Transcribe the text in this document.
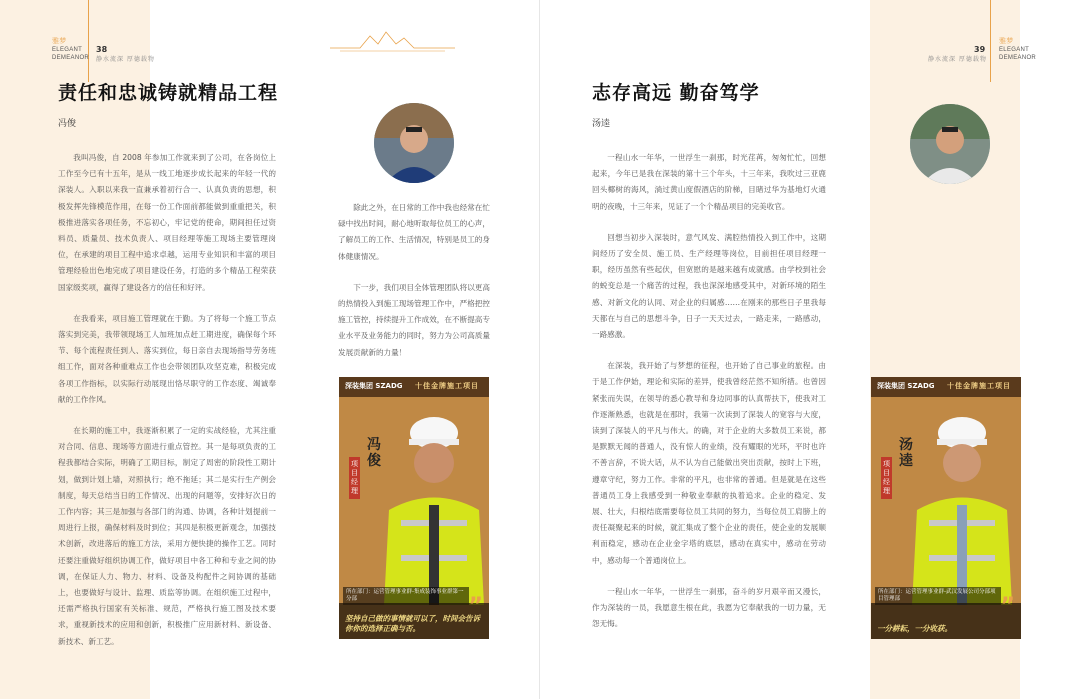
雅梦
ELEGANT
DEMEANOR
38
静水流深 厚德载物
责任和忠诚铸就精品工程
冯俊

我叫冯俊，自 2008 年参加工作就来到了公司，在各岗位上工作至今已有十五年，是从一线工地逐步成长起来的年轻一代的深装人。入职以来我一直兼承着初行合一、认真负责的思想，积极发挥先锋模范作用，在每一份工作面前都能做到重重把关，积极推进落实各项任务，不忘初心，牢记党的使命，期间担任过资料员、质量员、技术负责人、项目经理等施工现场主要管理岗位，在承建的项目工程中追求卓越，运用专业知识和丰富的项目管理经验出色地完成了项目建设任务，打造的多个精品工程荣获国家级奖项，赢得了建设各方的信任和好评。

在我看来，项目施工管理就在于勤。为了将每一个施工节点落实到完美，我带领现场工人加班加点赶工期进度，确保每个环节、每个流程责任到人、落实到位，每日亲自去现场指导劳务班组工作，面对各种重难点工作也会带领团队攻坚克难，积极完成各项工作指标，以实际行动展现出恪尽职守的工作态度、竭诚奉献的工作作风。

在长期的施工中，我逐渐积累了一定的实战经验，尤其注重对合同、信息、现场等方面进行重点管控。其一是每项负责的工程我都结合实际，明确了工期目标，制定了周密的阶段性工期计划，做到计划上墙，对照执行；绝不拖延；其二是实行生产例会制度，每天总结当日的工作情况、出现的问题等，安排好次日的工作内容；其三是加强与各部门的沟通、协调，各种计划提前一周进行上报，确保材料及时到位；其四是积极更新观念，加强技术创新，改进落后的施工方法，采用方便快捷的操作工艺。同时还要注重做好组织协调工作，做好项目中各工种和专业之间的协调，在保证人力、物力、材料、设备及构配件之间协调的基础上，也要做好与设计、监理、质监等协调。在组织施工过程中，还需严格执行国家有关标准、规范，严格执行施工图及技术要求，重视新技术的应用和创新，积极推广应用新材料、新设备、新技术、新工艺。

除此之外，在日常的工作中我也经常在忙碌中找出时间，耐心地听取每位员工的心声，了解员工的工作、生活情况，特别是员工的身体健康情况。

下一步，我们项目全体管理团队将以更高的热情投入到施工现场管理工作中，严格把控施工管控，持续提升工作成效，在不断提高专业水平及业务能力的同时，努力为公司高质量发展贡献新的力量！

深装集团 SZADG 十佳金牌施工项目
项目经理
冯俊
所在部门：运营管理事业群-集成装饰事业群第一分部	”
坚持自己做的事情就可以了，时间会告诉你你的选择正确与否。
雅梦
ELEGANT
DEMEANOR
39
静水流深 厚德载物
志存高远 勤奋笃学
汤逵

一程山水一年华，一世浮生一刹那，时光荏苒，匆匆忙忙，回想起来，今年已是我在深装的第十三个年头，十三年来，我吹过三亚鹿回头椰树的海风，淌过黄山度假酒店的阶梯，目睹过华为基地灯火通明的夜晚，十三年来，见证了一个个精品项目的完美收官。

回想当初步入深装时，意气风发、满腔热情投入到工作中，这期间经历了安全员、施工员、生产经理等岗位，目前担任项目经理一职，经历虽然有些起伏，但宽慰的是越来越有成就感。由学校到社会的蜕变总是一个痛苦的过程，我也深深地感受其中，对新环境的陌生感、对新文化的认同、对企业的归属感……在刚来的那些日子里我每天都在与自己的思想斗争，日子一天天过去，一路走来，一路感动，一路感激。

在深装，我开始了与梦想的征程，也开始了自己事业的旅程。由于是工作伊始，理论和实际的差异，使我曾经茫然不知所措。也曾因紧张而失误，在领导的悉心教导和身边同事的认真帮扶下，使我对工作逐渐熟悉，也就是在那时，我第一次读到了深装人的宽容与大度，读到了深装人的平凡与伟大。的确，对于企业的大多数员工来说，都是默默无闻的普通人，没有惊人的业绩，没有耀眼的光环，平时也许不善言辞，不说大话，从不认为自己能做出突出贡献，按时上下班，遵章守纪，努力工作。非常的平凡，也非常的普通。但是就是在这些普通员工身上我感受到一种敬业奉献的执着追求。企业的稳定、发展、壮大，归根结底需要每位员工共同的努力，当每位员工肩膀上的责任凝聚起来的时候，就汇集成了整个企业的责任，使企业的发展顺利而稳定，感动在企业金字塔的底层，感动在真实中，感动在劳动中，感动每一个普通岗位上。

一程山水一年华，一世浮生一刹那，奋斗的岁月艰辛而又漫长，作为深装的一员，我愿意生根在此，我愿为它奉献我的一切力量，无怨无悔。

深装集团 SZADG 十佳金牌施工项目
项目经理
汤逵
所在部门：运营管理事业群-武汉发展公司分部项目管理部	”
一分耕耘，一分收获。
